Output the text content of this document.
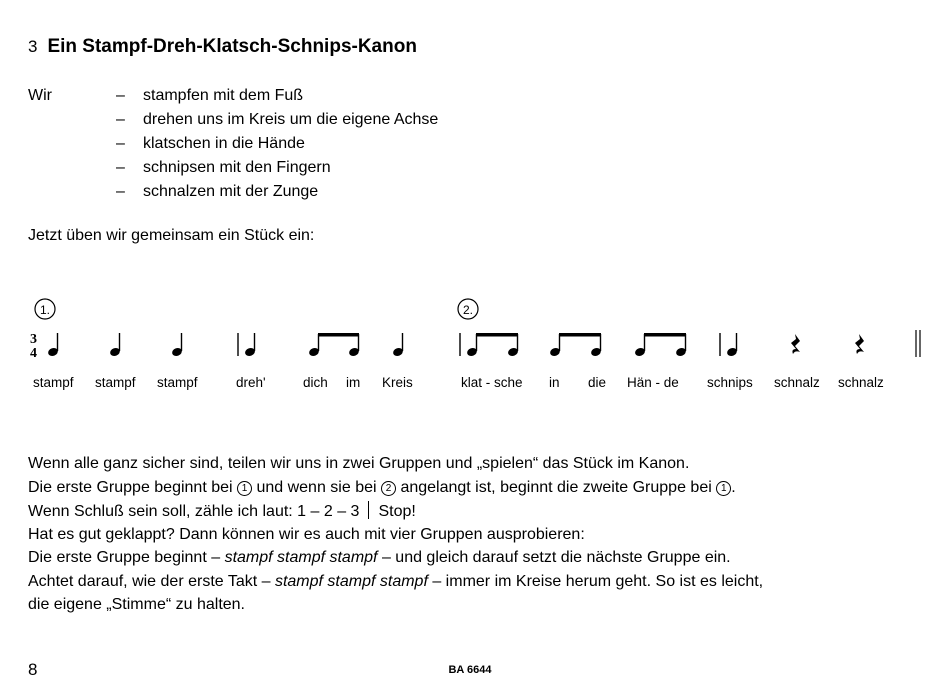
3 Ein Stampf-Dreh-Klatsch-Schnips-Kanon
Wir	– stampfen mit dem Fuß
– drehen uns im Kreis um die eigene Achse
– klatschen in die Hände
– schnipsen mit den Fingern
– schnalzen mit der Zunge
Jetzt üben wir gemeinsam ein Stück ein:
1.	2.
3
4
stampf stampf stampf	dreh'	dich im Kreis	klat - sche in die Hän - de schnips schnalz schnalz
Wenn alle ganz sicher sind, teilen wir uns in zwei Gruppen und „spielen“ das Stück im Kanon.
Die erste Gruppe beginnt bei 1 und wenn sie bei 2 angelangt ist, beginnt die zweite Gruppe bei 1 .
Wenn Schluß sein soll, zähle ich laut: 1 – 2 – 3 Stop!
Hat es gut geklappt? Dann können wir es auch mit vier Gruppen ausprobieren:
Die erste Gruppe beginnt – stampf stampf stampf – und gleich darauf setzt die nächste Gruppe ein.
Achtet darauf, wie der erste Takt – stampf stampf stampf – immer im Kreise herum geht. So ist es leicht,
die eigene „Stimme“ zu halten.
8	BA 6644
